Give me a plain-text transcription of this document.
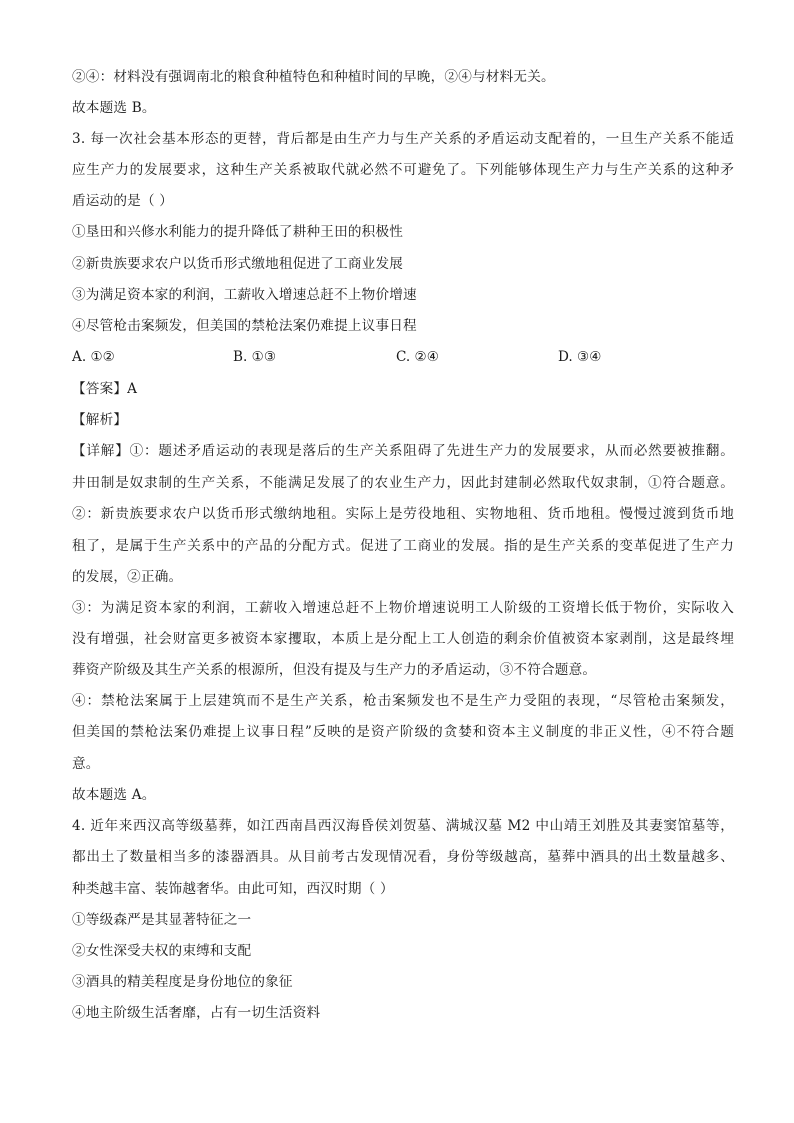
②④：材料没有强调南北的粮食种植特色和种植时间的早晚，②④与材料无关。
故本题选 B。
3. 每一次社会基本形态的更替，背后都是由生产力与生产关系的矛盾运动支配着的，一旦生产关系不能适
应生产力的发展要求，这种生产关系被取代就必然不可避免了。下列能够体现生产力与生产关系的这种矛
盾运动的是（ ）
①垦田和兴修水利能力的提升降低了耕种王田的积极性
②新贵族要求农户以货币形式缴地租促进了工商业发展
③为满足资本家的利润，工薪收入增速总赶不上物价增速
④尽管枪击案频发，但美国的禁枪法案仍难提上议事日程
A. ①②	B. ①③	C. ②④	D. ③④
【答案】A
【解析】
【详解】①：题述矛盾运动的表现是落后的生产关系阻碍了先进生产力的发展要求，从而必然要被推翻。
井田制是奴隶制的生产关系，不能满足发展了的农业生产力，因此封建制必然取代奴隶制，①符合题意。
②：新贵族要求农户以货币形式缴纳地租。实际上是劳役地租、实物地租、货币地租。慢慢过渡到货币地
租了，是属于生产关系中的产品的分配方式。促进了工商业的发展。指的是生产关系的变革促进了生产力
的发展，②正确。
③：为满足资本家的利润，工薪收入增速总赶不上物价增速说明工人阶级的工资增长低于物价，实际收入
没有增强，社会财富更多被资本家攫取，本质上是分配上工人创造的剩余价值被资本家剥削，这是最终埋
葬资产阶级及其生产关系的根源所，但没有提及与生产力的矛盾运动，③不符合题意。
④：禁枪法案属于上层建筑而不是生产关系，枪击案频发也不是生产力受阻的表现，“尽管枪击案频发，
但美国的禁枪法案仍难提上议事日程”反映的是资产阶级的贪婪和资本主义制度的非正义性，④不符合题
意。
故本题选 A。
4. 近年来西汉高等级墓葬，如江西南昌西汉海昏侯刘贺墓、满城汉墓 M2 中山靖王刘胜及其妻窦馆墓等，
都出土了数量相当多的漆器酒具。从目前考古发现情况看，身份等级越高，墓葬中酒具的出土数量越多、
种类越丰富、装饰越奢华。由此可知，西汉时期（ ）
①等级森严是其显著特征之一
②女性深受夫权的束缚和支配
③酒具的精美程度是身份地位的象征
④地主阶级生活奢靡，占有一切生活资料
